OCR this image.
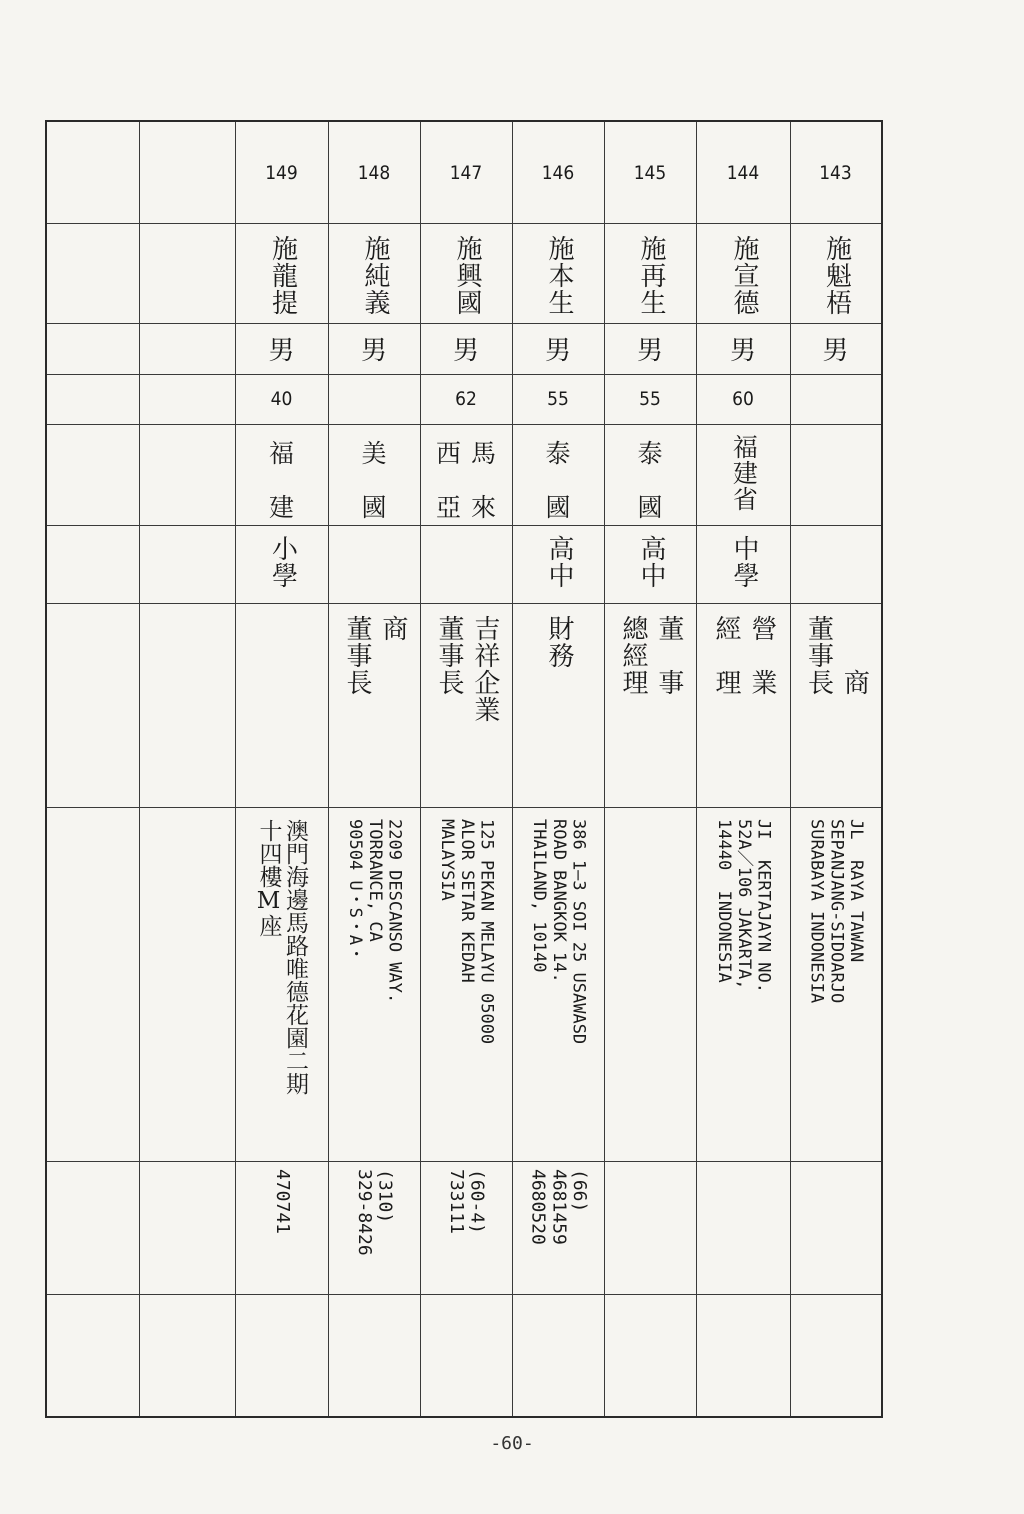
149
施龍提
男
40
福
建
小學
澳門海邊馬路唯德花園二期
十四樓M座
470741
148
施純義
男
美
國
商
董事長
2209 DESCANSO WAY.
TORRANCE, CA
90504 U・S・A・
(310)
329-8426
147
施興國
男
62
馬
來
西
亞
吉祥企業
董事長
125 PEKAN MELAYU 05000
ALOR SETAR KEDAH
MALAYSIA
(60-4)
733111
146
施本生
男
55
泰
國
高中
財務
386 1—3 SOI 25 USAWASD
ROAD BANGKOK 14.
THAILAND, 10140
(66)
4681459
4680520
145
施再生
男
55
泰
國
高中
董　事
總經理
144
施宣德
男
60
福建省
中學
營　業
經　理
JI  KERTAJAYN NO.
52A／106 JAKARTA,
14440  INDONESIA
143
施魁梧
男
　　商
董事長
JL  RAYA TAWAN
SEPANJANG-SIDOARJO
SURABAYA INDONESIA
-60-
